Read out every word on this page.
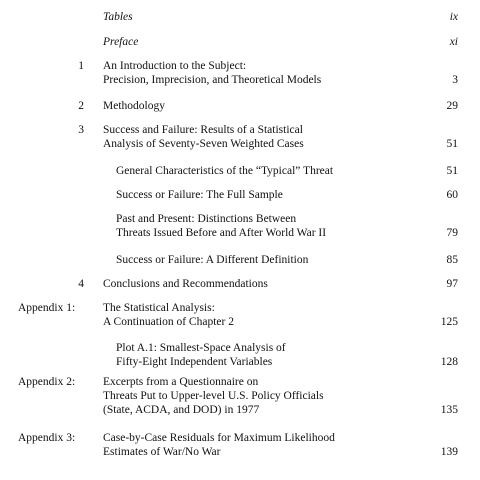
Tables	ix
Preface	xi
1 An Introduction to the Subject:
Precision, Imprecision, and Theoretical Models	3
2 Methodology	29
3 Success and Failure: Results of a Statistical
Analysis of Seventy-Seven Weighted Cases	51
General Characteristics of the “Typical” Threat	51
Success or Failure: The Full Sample	60
Past and Present: Distinctions Between
Threats Issued Before and After World War II	79
Success or Failure: A Different Definition	85
4 Conclusions and Recommendations	97
Appendix 1: The Statistical Analysis:
A Continuation of Chapter 2	125
Plot A.1: Smallest-Space Analysis of
Fifty-Eight Independent Variables	128
Appendix 2: Excerpts from a Questionnaire on
Threats Put to Upper-level U.S. Policy Officials
(State, ACDA, and DOD) in 1977	135
Appendix 3: Case-by-Case Residuals for Maximum Likelihood
Estimates of War/No War	139
